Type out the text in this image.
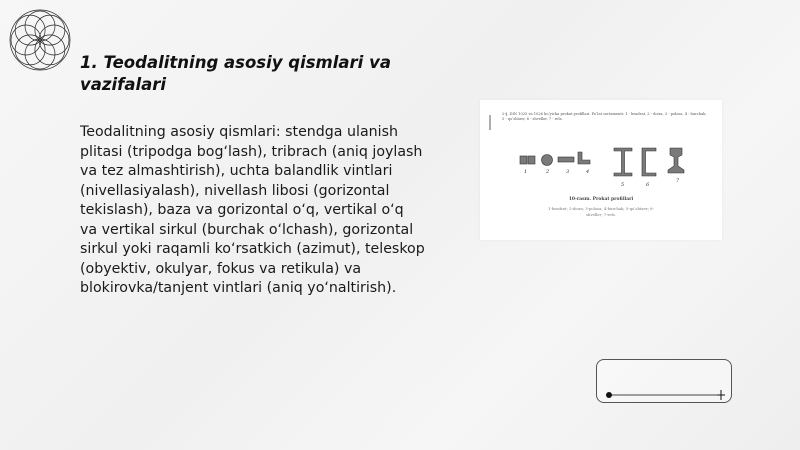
1. Teodalitning asosiy qismlari va vazifalari

Teodalitning asosiy qismlari: stendga ulanish plitasi (tripodga bog‘lash), tribrach (aniq joylash va tez almashtirish), uchta balandlik vintlari (nivellasiyalash), nivellash libosi (gorizontal tekislash), baza va gorizontal o‘q, vertikal o‘q va vertikal sirkul (burchak o‘lchash), gorizontal sirkul yoki raqamli ko‘rsatkich (azimut), teleskop (obyektiv, okulyar, fokus va retikula) va blokirovka/tanjent vintlari (aniq yo‘naltirish).

2-§. DIN 1025 va 1026 bo‘yicha prokat profillari. Po‘lat sortamenti: 1 - kvadrat, 2 - doira, 3 - polosa, 4 - burchak, 5 - qo‘shtavr, 6 - shveller, 7 - rels.
1	2	3	4
5	6
7
10-rasm. Prokat profillari
1-kvadrat; 2-doira; 3-polosa; 4-burchak; 5-qo‘shtavr; 6-
shveller; 7-rels.
